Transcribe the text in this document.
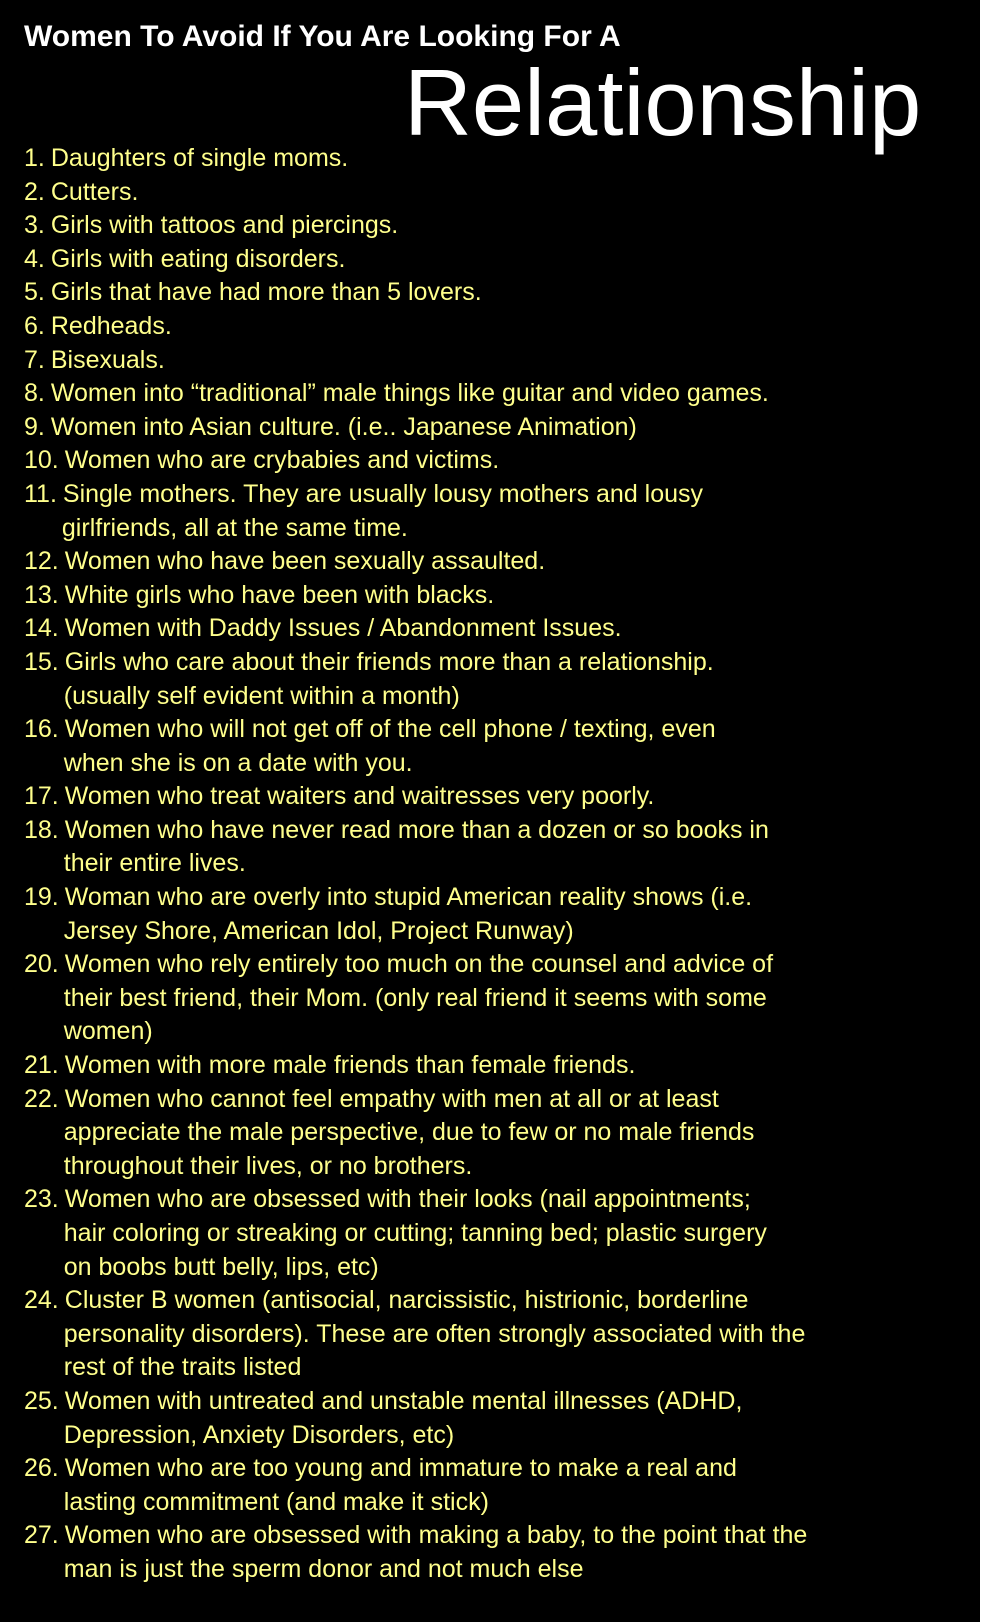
Women To Avoid If You Are Looking For A
Relationship
1. Daughters of single moms.
2. Cutters.
3. Girls with tattoos and piercings.
4. Girls with eating disorders.
5. Girls that have had more than 5 lovers.
6. Redheads.
7. Bisexuals.
8. Women into “traditional” male things like guitar and video games.
9. Women into Asian culture. (i.e.. Japanese Animation)
10. Women who are crybabies and victims.
11. Single mothers. They are usually lousy mothers and lousy
girlfriends, all at the same time.
12. Women who have been sexually assaulted.
13. White girls who have been with blacks.
14. Women with Daddy Issues / Abandonment Issues.
15. Girls who care about their friends more than a relationship.
(usually self evident within a month)
16. Women who will not get off of the cell phone / texting, even
when she is on a date with you.
17. Women who treat waiters and waitresses very poorly.
18. Women who have never read more than a dozen or so books in
their entire lives.
19. Woman who are overly into stupid American reality shows (i.e.
Jersey Shore, American Idol, Project Runway)
20. Women who rely entirely too much on the counsel and advice of
their best friend, their Mom. (only real friend it seems with some
women)
21. Women with more male friends than female friends.
22. Women who cannot feel empathy with men at all or at least
appreciate the male perspective, due to few or no male friends
throughout their lives, or no brothers.
23. Women who are obsessed with their looks (nail appointments;
hair coloring or streaking or cutting; tanning bed; plastic surgery
on boobs butt belly, lips, etc)
24. Cluster B women (antisocial, narcissistic, histrionic, borderline
personality disorders). These are often strongly associated with the
rest of the traits listed
25. Women with untreated and unstable mental illnesses (ADHD,
Depression, Anxiety Disorders, etc)
26. Women who are too young and immature to make a real and
lasting commitment (and make it stick)
27. Women who are obsessed with making a baby, to the point that the
man is just the sperm donor and not much else
